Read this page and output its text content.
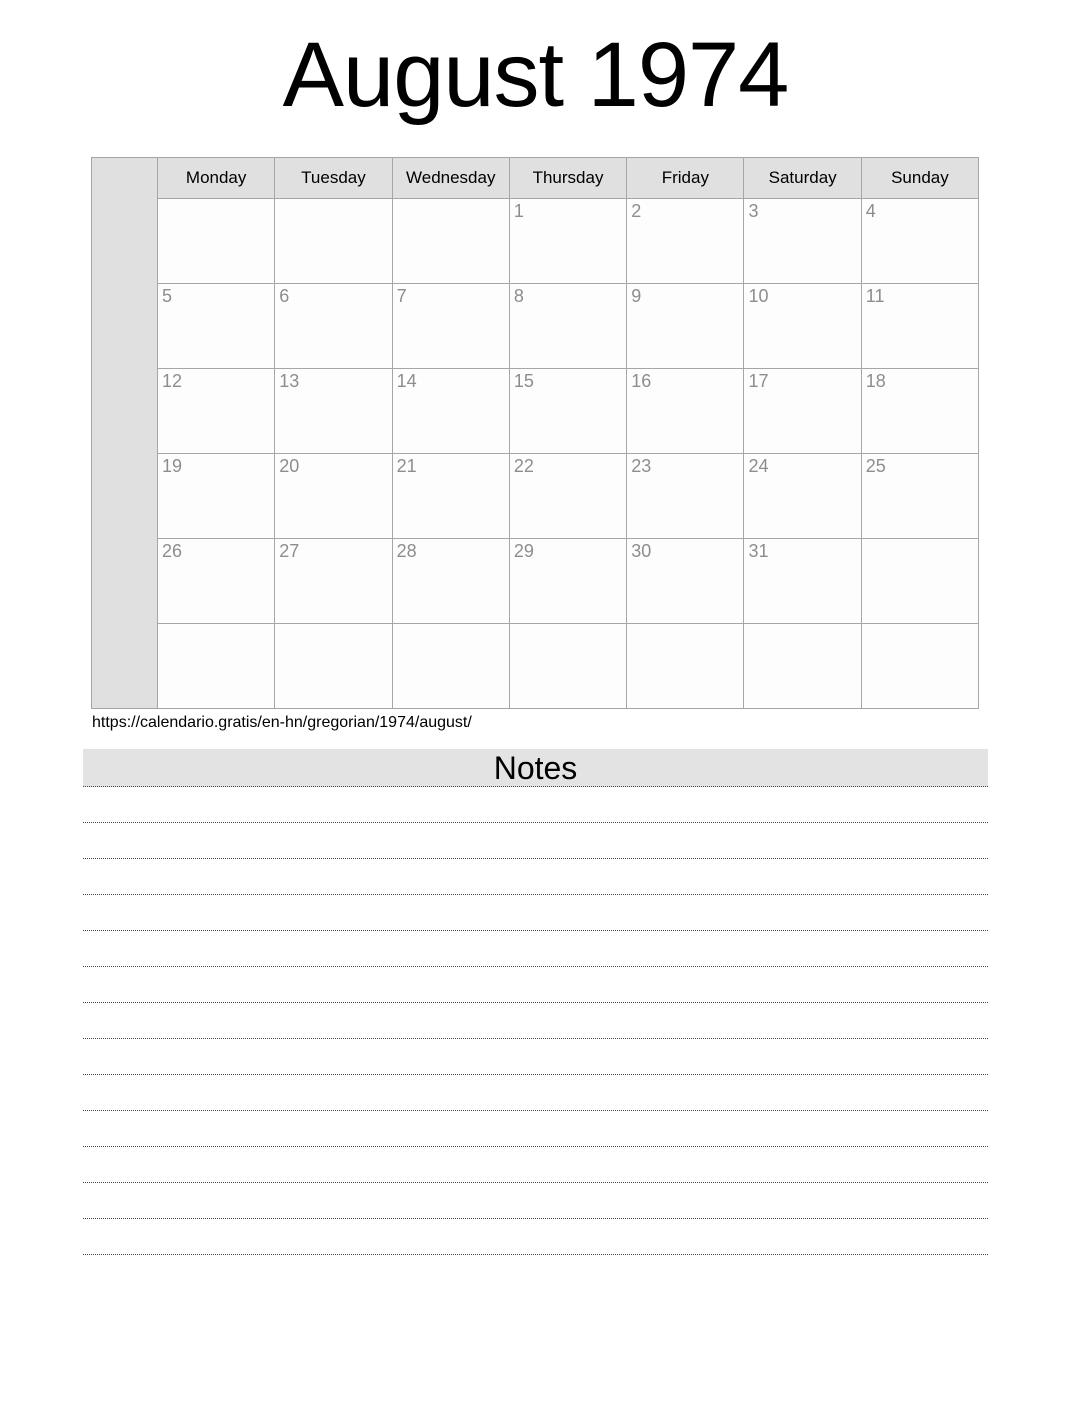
August 1974
	Monday	Tuesday	Wednesday	Thursday	Friday	Saturday	Sunday
				1	2	3	4
	5	6	7	8	9	10	11
	12	13	14	15	16	17	18
	19	20	21	22	23	24	25
	26	27	28	29	30	31	

https://calendario.gratis/en-hn/gregorian/1974/august/

Notes
